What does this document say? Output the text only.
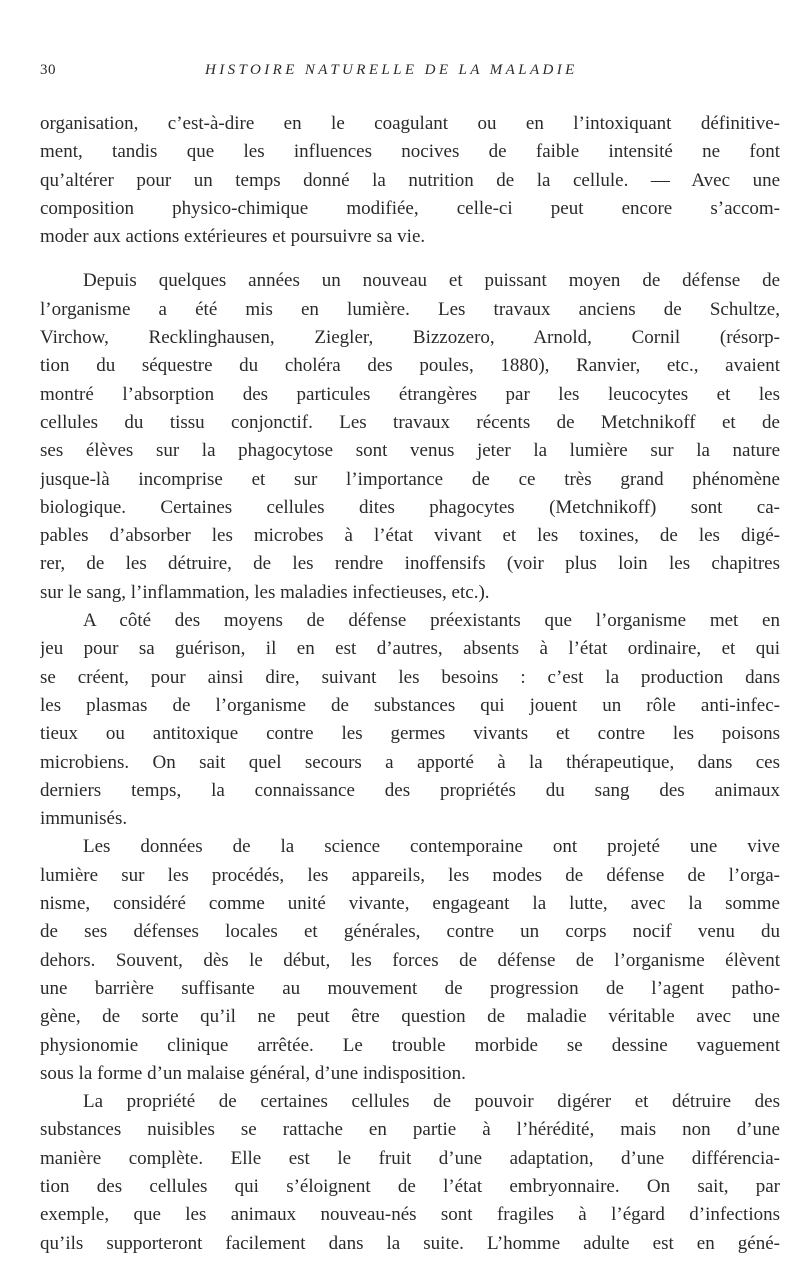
30	HISTOIRE NATURELLE DE LA MALADIE
organisation, c’est-à-dire en le coagulant ou en l’intoxiquant définitive-
ment, tandis que les influences nocives de faible intensité ne font
qu’altérer pour un temps donné la nutrition de la cellule. — Avec une
composition physico-chimique modifiée, celle-ci peut encore s’accom-
moder aux actions extérieures et poursuivre sa vie.
Depuis quelques années un nouveau et puissant moyen de défense de
l’organisme a été mis en lumière. Les travaux anciens de Schultze,
Virchow, Recklinghausen, Ziegler, Bizzozero, Arnold, Cornil (résorp-
tion du séquestre du choléra des poules, 1880), Ranvier, etc., avaient
montré l’absorption des particules étrangères par les leucocytes et les
cellules du tissu conjonctif. Les travaux récents de Metchnikoff et de
ses élèves sur la phagocytose sont venus jeter la lumière sur la nature
jusque-là incomprise et sur l’importance de ce très grand phénomène
biologique. Certaines cellules dites phagocytes (Metchnikoff) sont ca-
pables d’absorber les microbes à l’état vivant et les toxines, de les digé-
rer, de les détruire, de les rendre inoffensifs (voir plus loin les chapitres
sur le sang, l’inflammation, les maladies infectieuses, etc.).
A côté des moyens de défense préexistants que l’organisme met en
jeu pour sa guérison, il en est d’autres, absents à l’état ordinaire, et qui
se créent, pour ainsi dire, suivant les besoins : c’est la production dans
les plasmas de l’organisme de substances qui jouent un rôle anti-infec-
tieux ou antitoxique contre les germes vivants et contre les poisons
microbiens. On sait quel secours a apporté à la thérapeutique, dans ces
derniers temps, la connaissance des propriétés du sang des animaux
immunisés.
Les données de la science contemporaine ont projeté une vive
lumière sur les procédés, les appareils, les modes de défense de l’orga-
nisme, considéré comme unité vivante, engageant la lutte, avec la somme
de ses défenses locales et générales, contre un corps nocif venu du
dehors. Souvent, dès le début, les forces de défense de l’organisme élèvent
une barrière suffisante au mouvement de progression de l’agent patho-
gène, de sorte qu’il ne peut être question de maladie véritable avec une
physionomie clinique arrêtée. Le trouble morbide se dessine vaguement
sous la forme d’un malaise général, d’une indisposition.
La propriété de certaines cellules de pouvoir digérer et détruire des
substances nuisibles se rattache en partie à l’hérédité, mais non d’une
manière complète. Elle est le fruit d’une adaptation, d’une différencia-
tion des cellules qui s’éloignent de l’état embryonnaire. On sait, par
exemple, que les animaux nouveau-nés sont fragiles à l’égard d’infections
qu’ils supporteront facilement dans la suite. L’homme adulte est en géné-
